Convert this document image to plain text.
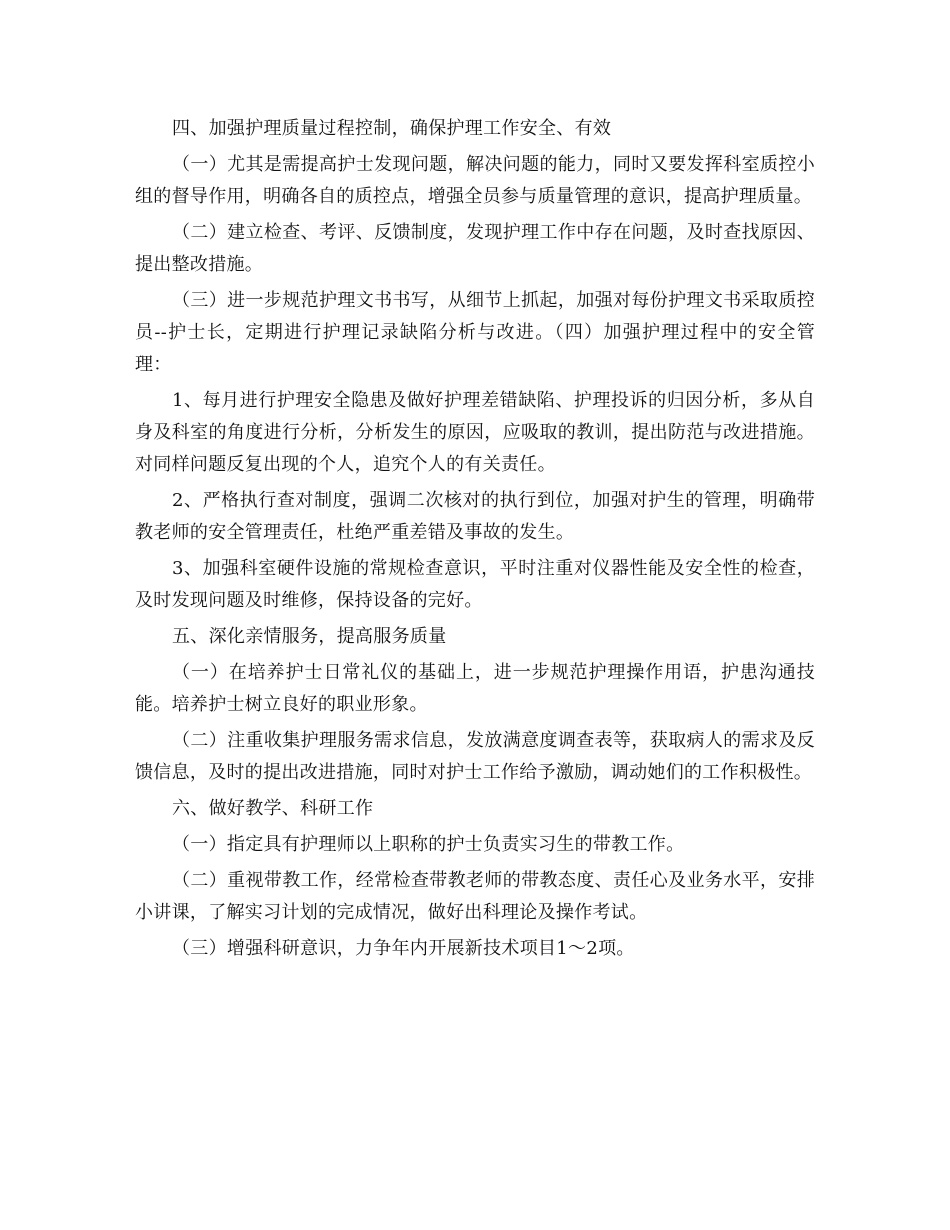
四、加强护理质量过程控制，确保护理工作安全、有效

（一）尤其是需提高护士发现问题，解决问题的能力，同时又要发挥科室质控小组的督导作用，明确各自的质控点，增强全员参与质量管理的意识，提高护理质量。

（二）建立检查、考评、反馈制度，发现护理工作中存在问题，及时查找原因、提出整改措施。

（三）进一步规范护理文书书写，从细节上抓起，加强对每份护理文书采取质控员--护士长，定期进行护理记录缺陷分析与改进。（四）加强护理过程中的安全管理：

1、每月进行护理安全隐患及做好护理差错缺陷、护理投诉的归因分析，多从自身及科室的角度进行分析，分析发生的原因，应吸取的教训，提出防范与改进措施。对同样问题反复出现的个人，追究个人的有关责任。

2、严格执行查对制度，强调二次核对的执行到位，加强对护生的管理，明确带教老师的安全管理责任，杜绝严重差错及事故的发生。

3、加强科室硬件设施的常规检查意识，平时注重对仪器性能及安全性的检查，及时发现问题及时维修，保持设备的完好。

五、深化亲情服务，提高服务质量

（一）在培养护士日常礼仪的基础上，进一步规范护理操作用语，护患沟通技能。培养护士树立良好的职业形象。

（二）注重收集护理服务需求信息，发放满意度调查表等，获取病人的需求及反馈信息，及时的提出改进措施，同时对护士工作给予激励，调动她们的工作积极性。

六、做好教学、科研工作

（一）指定具有护理师以上职称的护士负责实习生的带教工作。

（二）重视带教工作，经常检查带教老师的带教态度、责任心及业务水平，安排小讲课，了解实习计划的完成情况，做好出科理论及操作考试。

（三）增强科研意识，力争年内开展新技术项目1～2项。
